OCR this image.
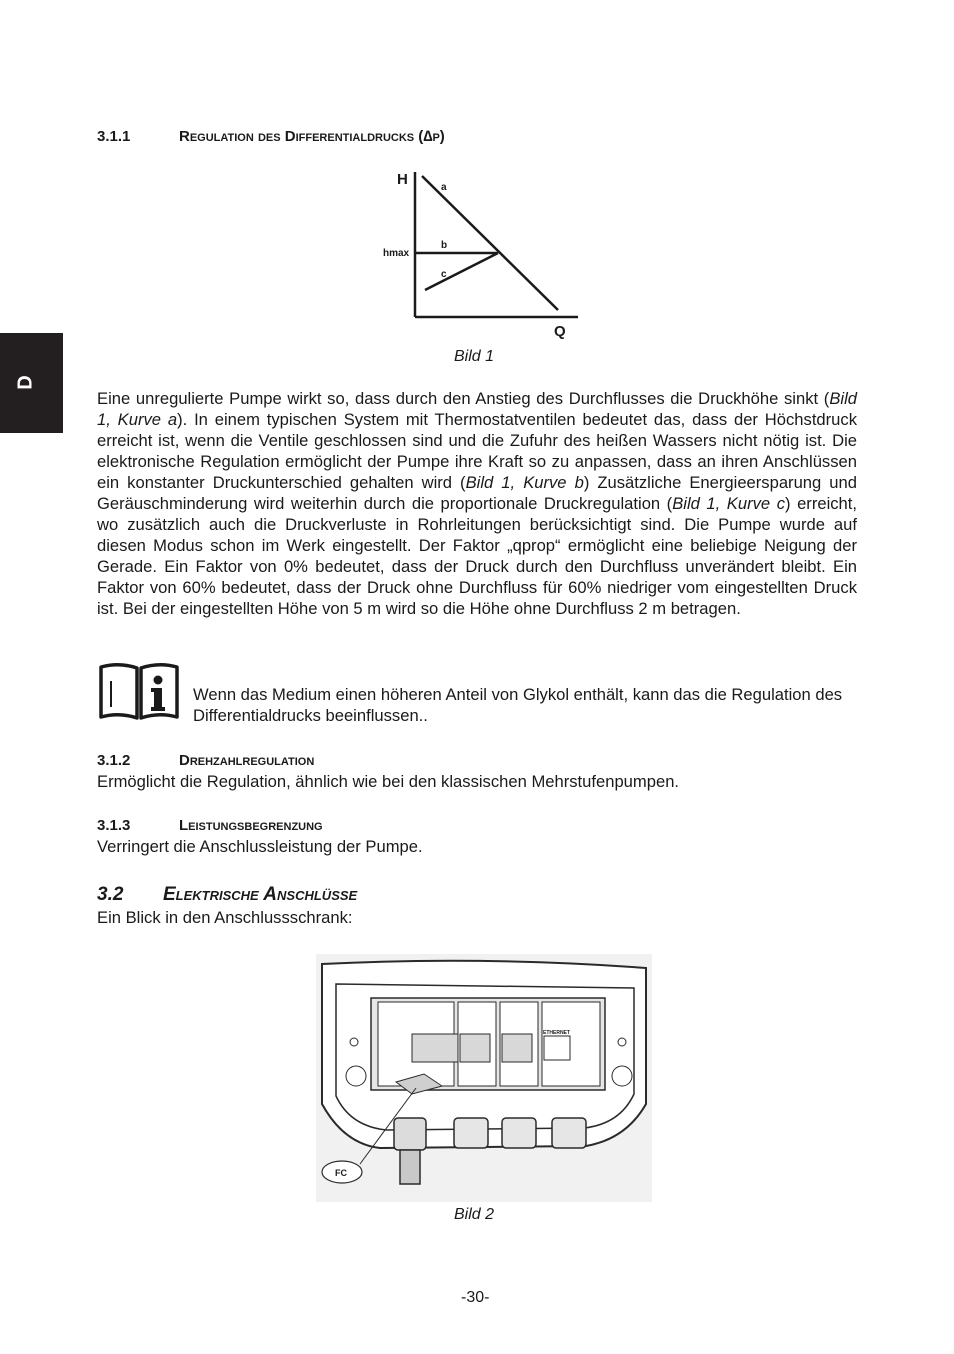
D
3.1.1	Regulation des Differentialdrucks (∆p)
H
Q
hmax
a
b
c
Bild 1

Eine unregulierte Pumpe wirkt so, dass durch den Anstieg des Durchflusses die Druckhöhe sinkt (Bild 1, Kurve a). In einem typischen System mit Thermostatventilen bedeutet das, dass der Höchstdruck erreicht ist, wenn die Ventile geschlossen sind und die Zufuhr des heißen Wassers nicht nötig ist. Die elektronische Regulation ermöglicht der Pumpe ihre Kraft so zu anpassen, dass an ihren Anschlüssen ein konstanter Druckunterschied gehalten wird (Bild 1, Kurve b) Zusätzliche Energieersparung und Geräuschminderung wird weiterhin durch die proportionale Druckregulation (Bild 1, Kurve c) erreicht, wo zusätzlich auch die Druckverluste in Rohrleitungen berücksichtigt sind. Die Pumpe wurde auf diesen Modus schon im Werk eingestellt. Der Faktor „qprop“ ermöglicht eine beliebige Neigung der Gerade. Ein Faktor von 0% bedeutet, dass der Druck durch den Durchfluss unverändert bleibt. Ein Faktor von 60% bedeutet, dass der Druck ohne Durchfluss für 60% niedriger vom eingestellten Druck ist. Bei der eingestellten Höhe von 5 m wird so die Höhe ohne Durchfluss 2 m betragen.

Wenn das Medium einen höheren Anteil von Glykol enthält, kann das die Regulation des Differentialdrucks beeinflussen..

3.1.2	Drehzahlregulation
Ermöglicht die Regulation, ähnlich wie bei den klassischen Mehrstufenpumpen.
3.1.3	Leistungsbegrenzung
Verringert die Anschlussleistung der Pumpe.
3.2 Elektrische Anschlüsse
Ein Blick in den Anschlussschrank:
ETHERNET
FC
Bild 2
-30-
